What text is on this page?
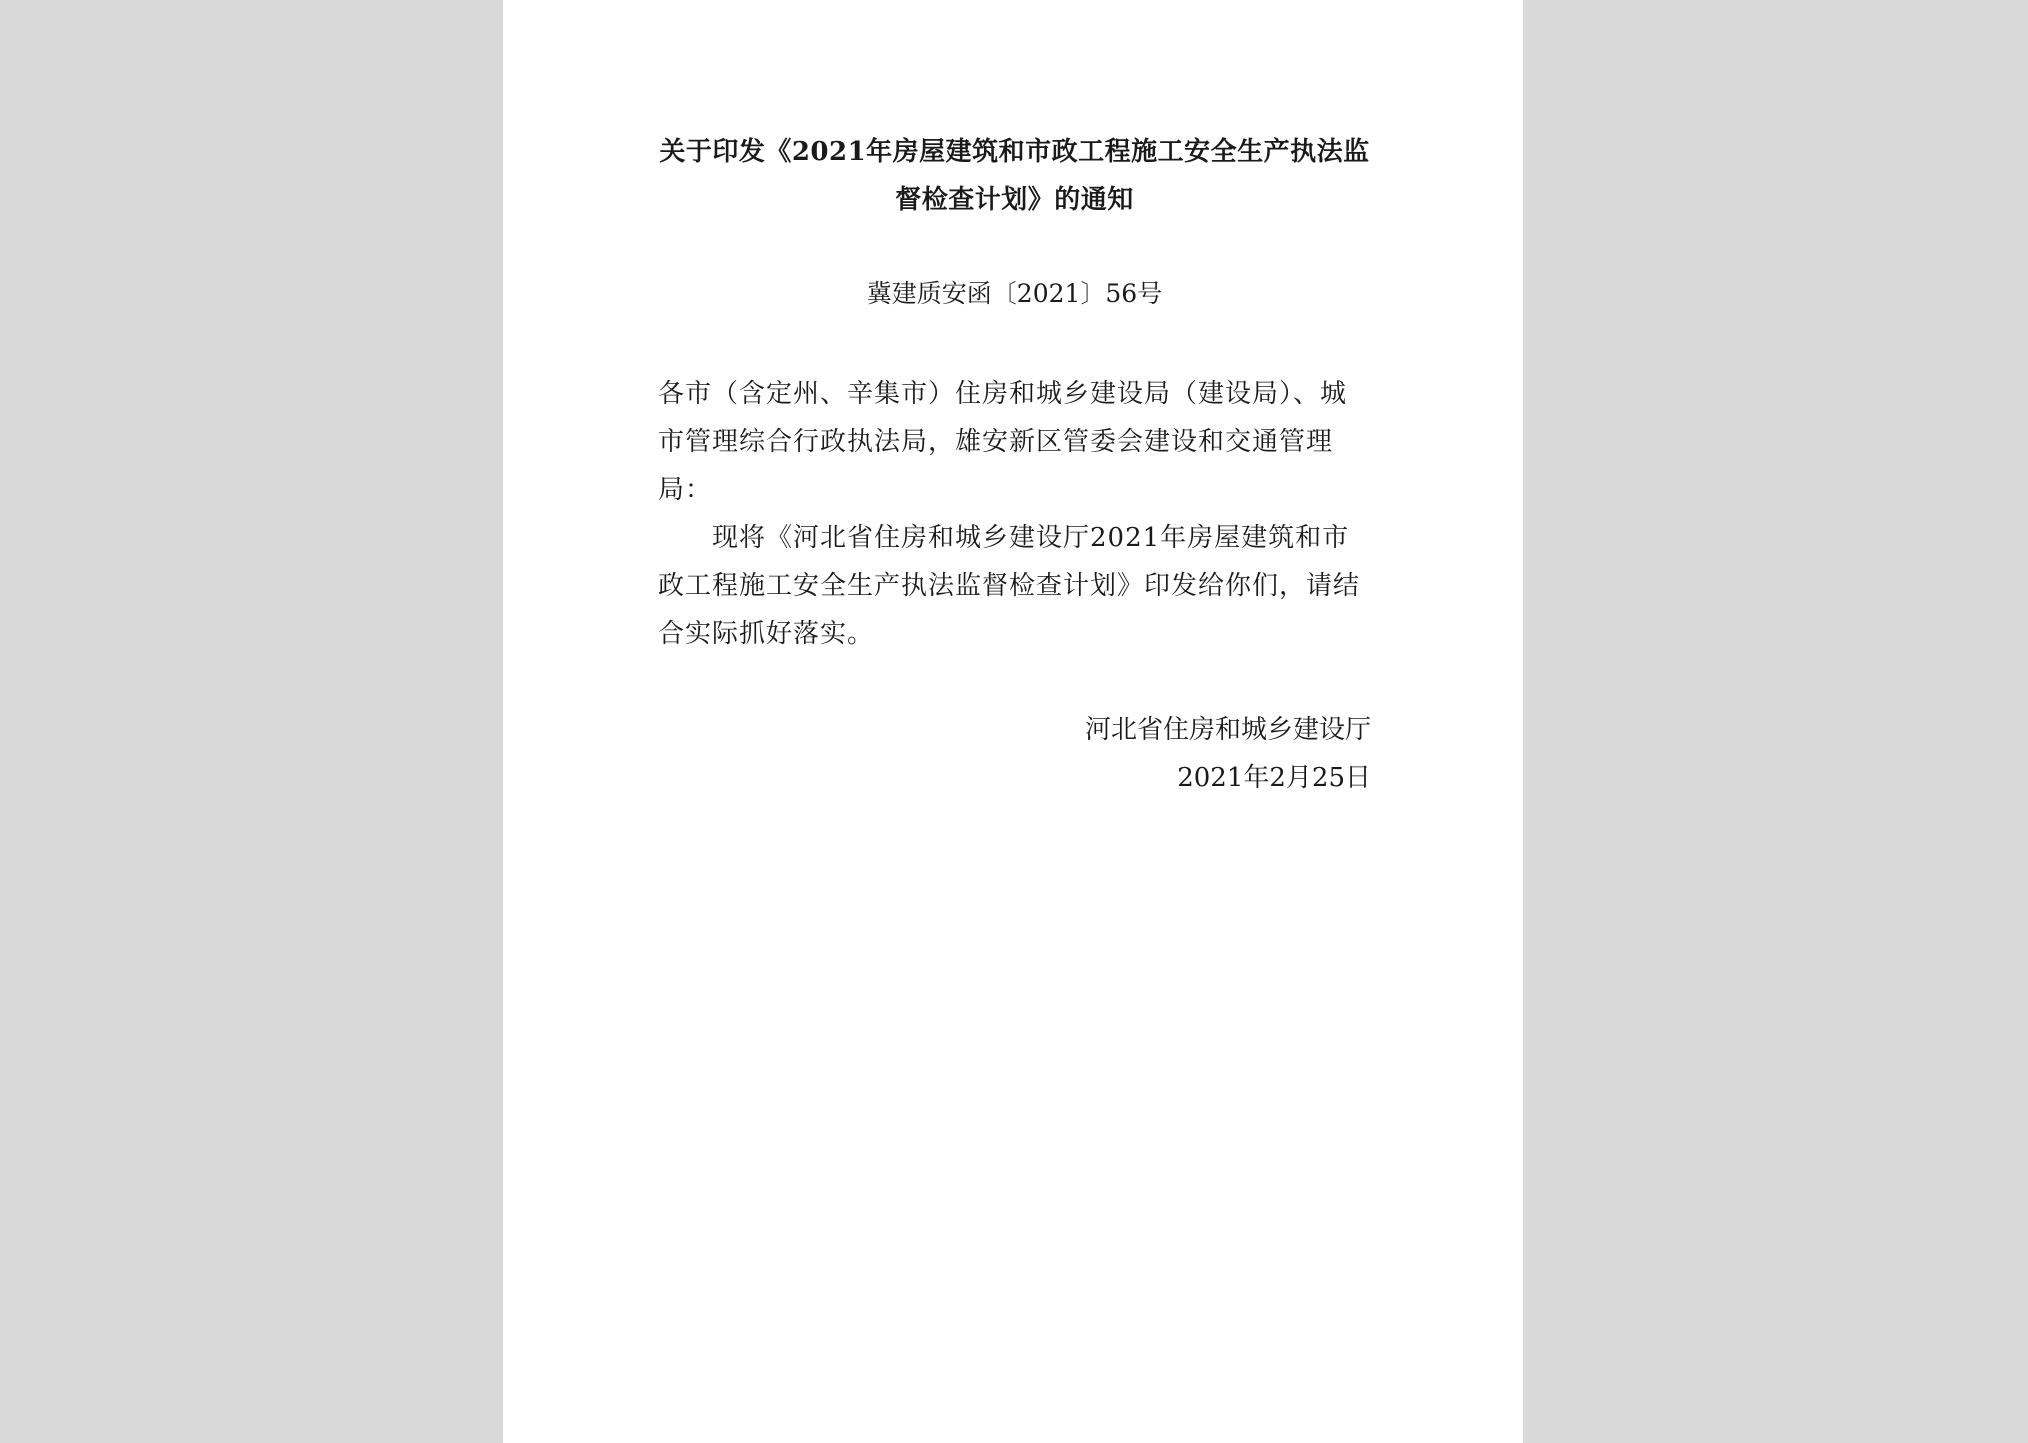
关于印发《2021年房屋建筑和市政工程施工安全生产执法监
督检查计划》的通知
冀建质安函〔2021〕56号
各市（含定州、辛集市）住房和城乡建设局（建设局）、城
市管理综合行政执法局，雄安新区管委会建设和交通管理
局：
　　现将《河北省住房和城乡建设厅2021年房屋建筑和市
政工程施工安全生产执法监督检查计划》印发给你们，请结
合实际抓好落实。
河北省住房和城乡建设厅
2021年2月25日
